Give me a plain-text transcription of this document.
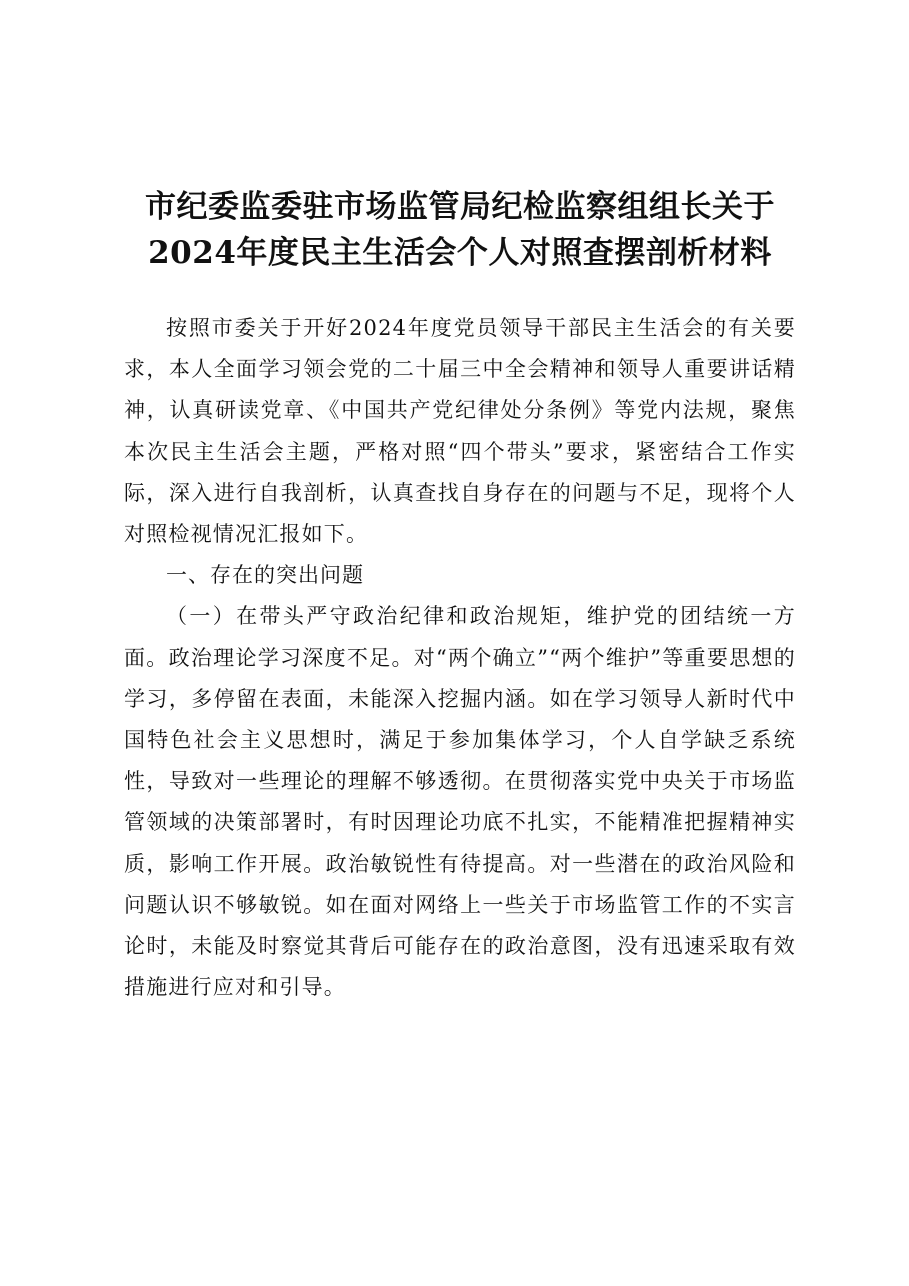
市纪委监委驻市场监管局纪检监察组组长关于
2024年度民主生活会个人对照查摆剖析材料

按照市委关于开好2024年度党员领导干部民主生活会的有关要求，本人全面学习领会党的二十届三中全会精神和领导人重要讲话精神，认真研读党章、《中国共产党纪律处分条例》等党内法规，聚焦本次民主生活会主题，严格对照“四个带头”要求，紧密结合工作实际，深入进行自我剖析，认真查找自身存在的问题与不足，现将个人对照检视情况汇报如下。

一、存在的突出问题

（一）在带头严守政治纪律和政治规矩，维护党的团结统一方面。政治理论学习深度不足。对“两个确立”“两个维护”等重要思想的学习，多停留在表面，未能深入挖掘内涵。如在学习领导人新时代中国特色社会主义思想时，满足于参加集体学习，个人自学缺乏系统性，导致对一些理论的理解不够透彻。在贯彻落实党中央关于市场监管领域的决策部署时，有时因理论功底不扎实，不能精准把握精神实质，影响工作开展。政治敏锐性有待提高。对一些潜在的政治风险和问题认识不够敏锐。如在面对网络上一些关于市场监管工作的不实言论时，未能及时察觉其背后可能存在的政治意图，没有迅速采取有效措施进行应对和引导。
